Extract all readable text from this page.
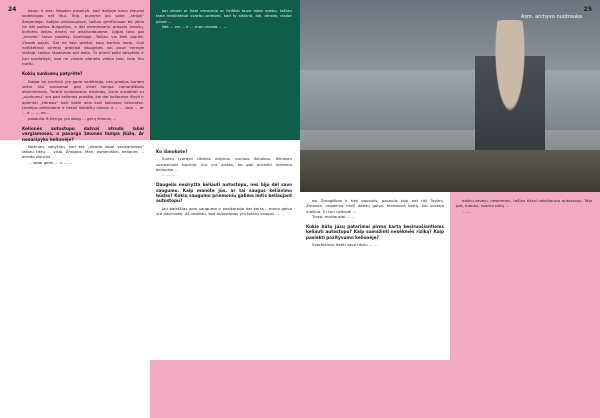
Asm. archyvo nuotrauka
24	25

liauju ir tiek. Negaliu pasakyti, kad Italijoje buvo žiauriai sudėtingas net litui. Taip, buvome jau sakę „strigę“ Bulgarijoje. Sofijos priesaugiose, tačiau greičiausiai bū jokio ne dėl pačios Bulgarijos, o dėl elementarių pravalų keisčių, kurioms kelias ėmėsi ne atsidurdavome. Lygiai toks pat „nervas“ buvo pasieky Austrijoje. Tačiau vis tiek pajutę. Visada pajutį. Gal ne taip greitai, kaip kartais norėj. Gali neįtikėtinai strimai praleisti daugybes vai pusę nemoje vietoje, tačiau stodamas ant kelio. Tu prieni kelio taisyklės ir turi susitaikyti, kad ne visada planeta veikia taip, kaip Tau norisi.

Kokių sunkumų patyrėte?

Dabar tai įvertinti yra gana sudėtinga, nes praėjus kuriam laikui visi sunkumai gali virsti tampa romantiškais atsiminimais. Turbūt sunkiausias minimas, kurio susidūrei su „sunkumu“ yra pati kelionės pradžia, kai dar kelionėse išvyti ir aplenkti „tikrasis“ kaži kokie akis kaži kokiuose kelionėse. Lenkijos pietiniame ir netoli Vokiečių sienos ir ... ... taip ... ar ... ir ... ... ne...

pasaulio iš tikrųjų yra daug ... gerų žmonių ...

Kelionės autostopu dažnai atrodo labai vergiamoses, o pavargo žmonės tampa įtūžę. Ar nesusipyko kelionėje?

Nežinau, sakyčiau, kad tas „atrodo labai vergiamoses“ labiau tiktų ... visai. Žmogus. Man, asmeniškai, kelionės ... atrodo žiauriai...

... labai gerai ... ir ... ...

kai vienai ar tikai emocinio ar fiziškai buvo labai sunku, tačiau tada neįtikėtinai svarbu priminti, kad ty aiškinti, kai, atrodo, visdar pilnai ...

Net ... ne ... ir ... man visada ... ...

Ko išmokote?

Sunku įvardyti tikslias dalykus, kuriuos išmokau. Išmokau susipakuoti kuprinę, kur yra viskas, ko gali prireikti mėnesio kelionėje...

... ... ...

Daugelis nesiryžta keliauti autostopu, nes bijo dėl savo saugumo. Kaip manote jūs, ar tai saugus keliavimo būdas? Kokių saugumo priemonių galima imtis keliaujant autostopu?

Jau baikščias apie saugumą ir pasikartoja dar kartą – mano galva yra pasiruošę. Aš vedžiau, kad autostopas yra tokiau saugus ...

esi Žmogiškas ir tiek pasaulis, pasaulis taip pat tiki Tavimi. Žmonės, negalima nerti daiktų galva. Kiekvieną kartą, kai sustoja mašina, Tu turi rizikuoti ...

Tiesa, mažiausiai ... ...

Kokie būtų jūsų patarimai pirmą kartą besiruošiantiems keliauti autostopu? Kaip sumažinti nesėkmės riziką? Kaip pasiekti pozityvumo kelionėje?

Svarbiausia tikėti savo tikslu ... ...

dažnu atveju, neskrenku, tačiau tikrai nekeliausiu autostopu. Taip pat, manau, svarbu būtų ...

... ...
